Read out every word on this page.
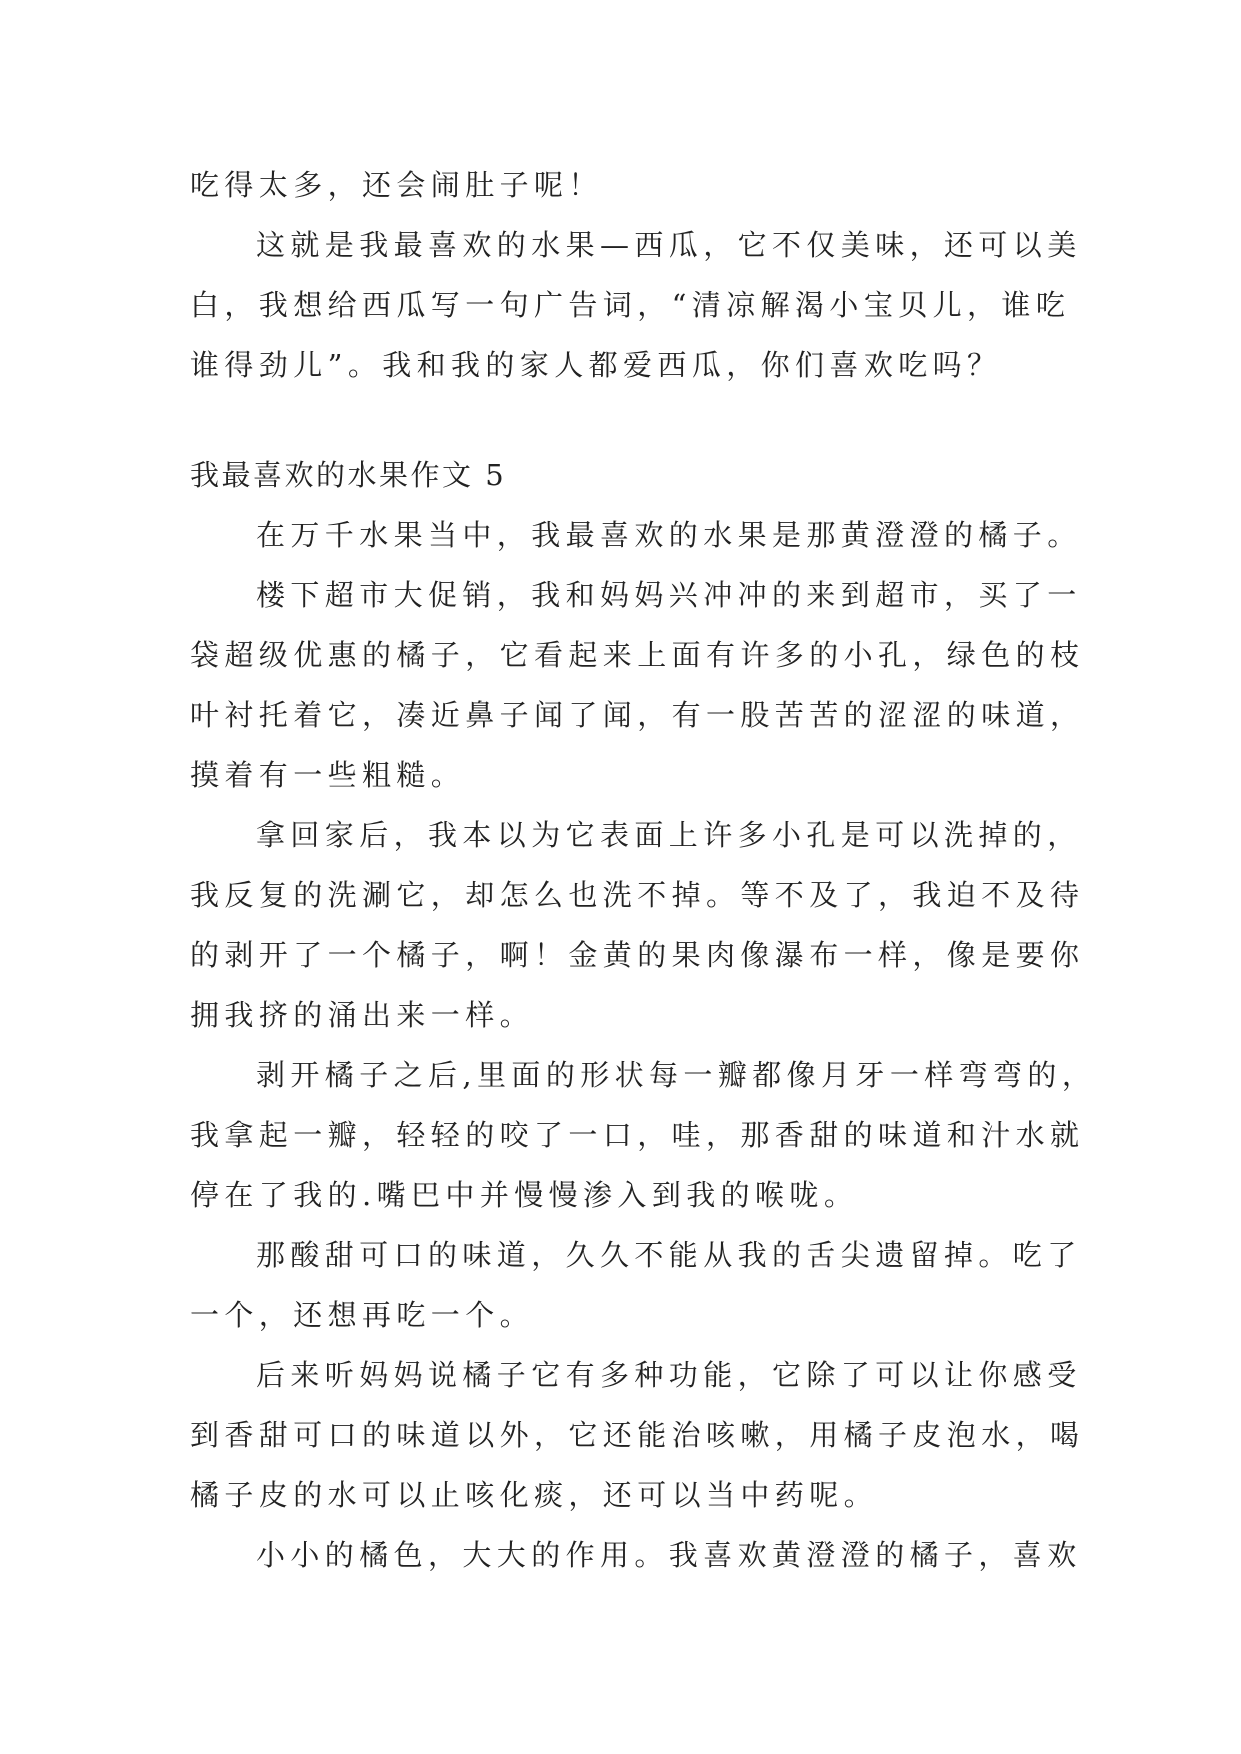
吃得太多，还会闹肚子呢！
这就是我最喜欢的水果—西瓜，它不仅美味，还可以美
白，我想给西瓜写一句广告词，“清凉解渴小宝贝儿，谁吃
谁得劲儿”。我和我的家人都爱西瓜，你们喜欢吃吗？
我最喜欢的水果作文 5
在万千水果当中，我最喜欢的水果是那黄澄澄的橘子。
楼下超市大促销，我和妈妈兴冲冲的来到超市，买了一
袋超级优惠的橘子，它看起来上面有许多的小孔，绿色的枝
叶衬托着它，凑近鼻子闻了闻，有一股苦苦的涩涩的味道，
摸着有一些粗糙。
拿回家后，我本以为它表面上许多小孔是可以洗掉的，
我反复的洗涮它，却怎么也洗不掉。等不及了，我迫不及待
的剥开了一个橘子，啊！金黄的果肉像瀑布一样，像是要你
拥我挤的涌出来一样。
剥开橘子之后,里面的形状每一瓣都像月牙一样弯弯的，
我拿起一瓣，轻轻的咬了一口，哇，那香甜的味道和汁水就
停在了我的.嘴巴中并慢慢渗入到我的喉咙。
那酸甜可口的味道，久久不能从我的舌尖遗留掉。吃了
一个，还想再吃一个。
后来听妈妈说橘子它有多种功能，它除了可以让你感受
到香甜可口的味道以外，它还能治咳嗽，用橘子皮泡水，喝
橘子皮的水可以止咳化痰，还可以当中药呢。
小小的橘色，大大的作用。我喜欢黄澄澄的橘子，喜欢
